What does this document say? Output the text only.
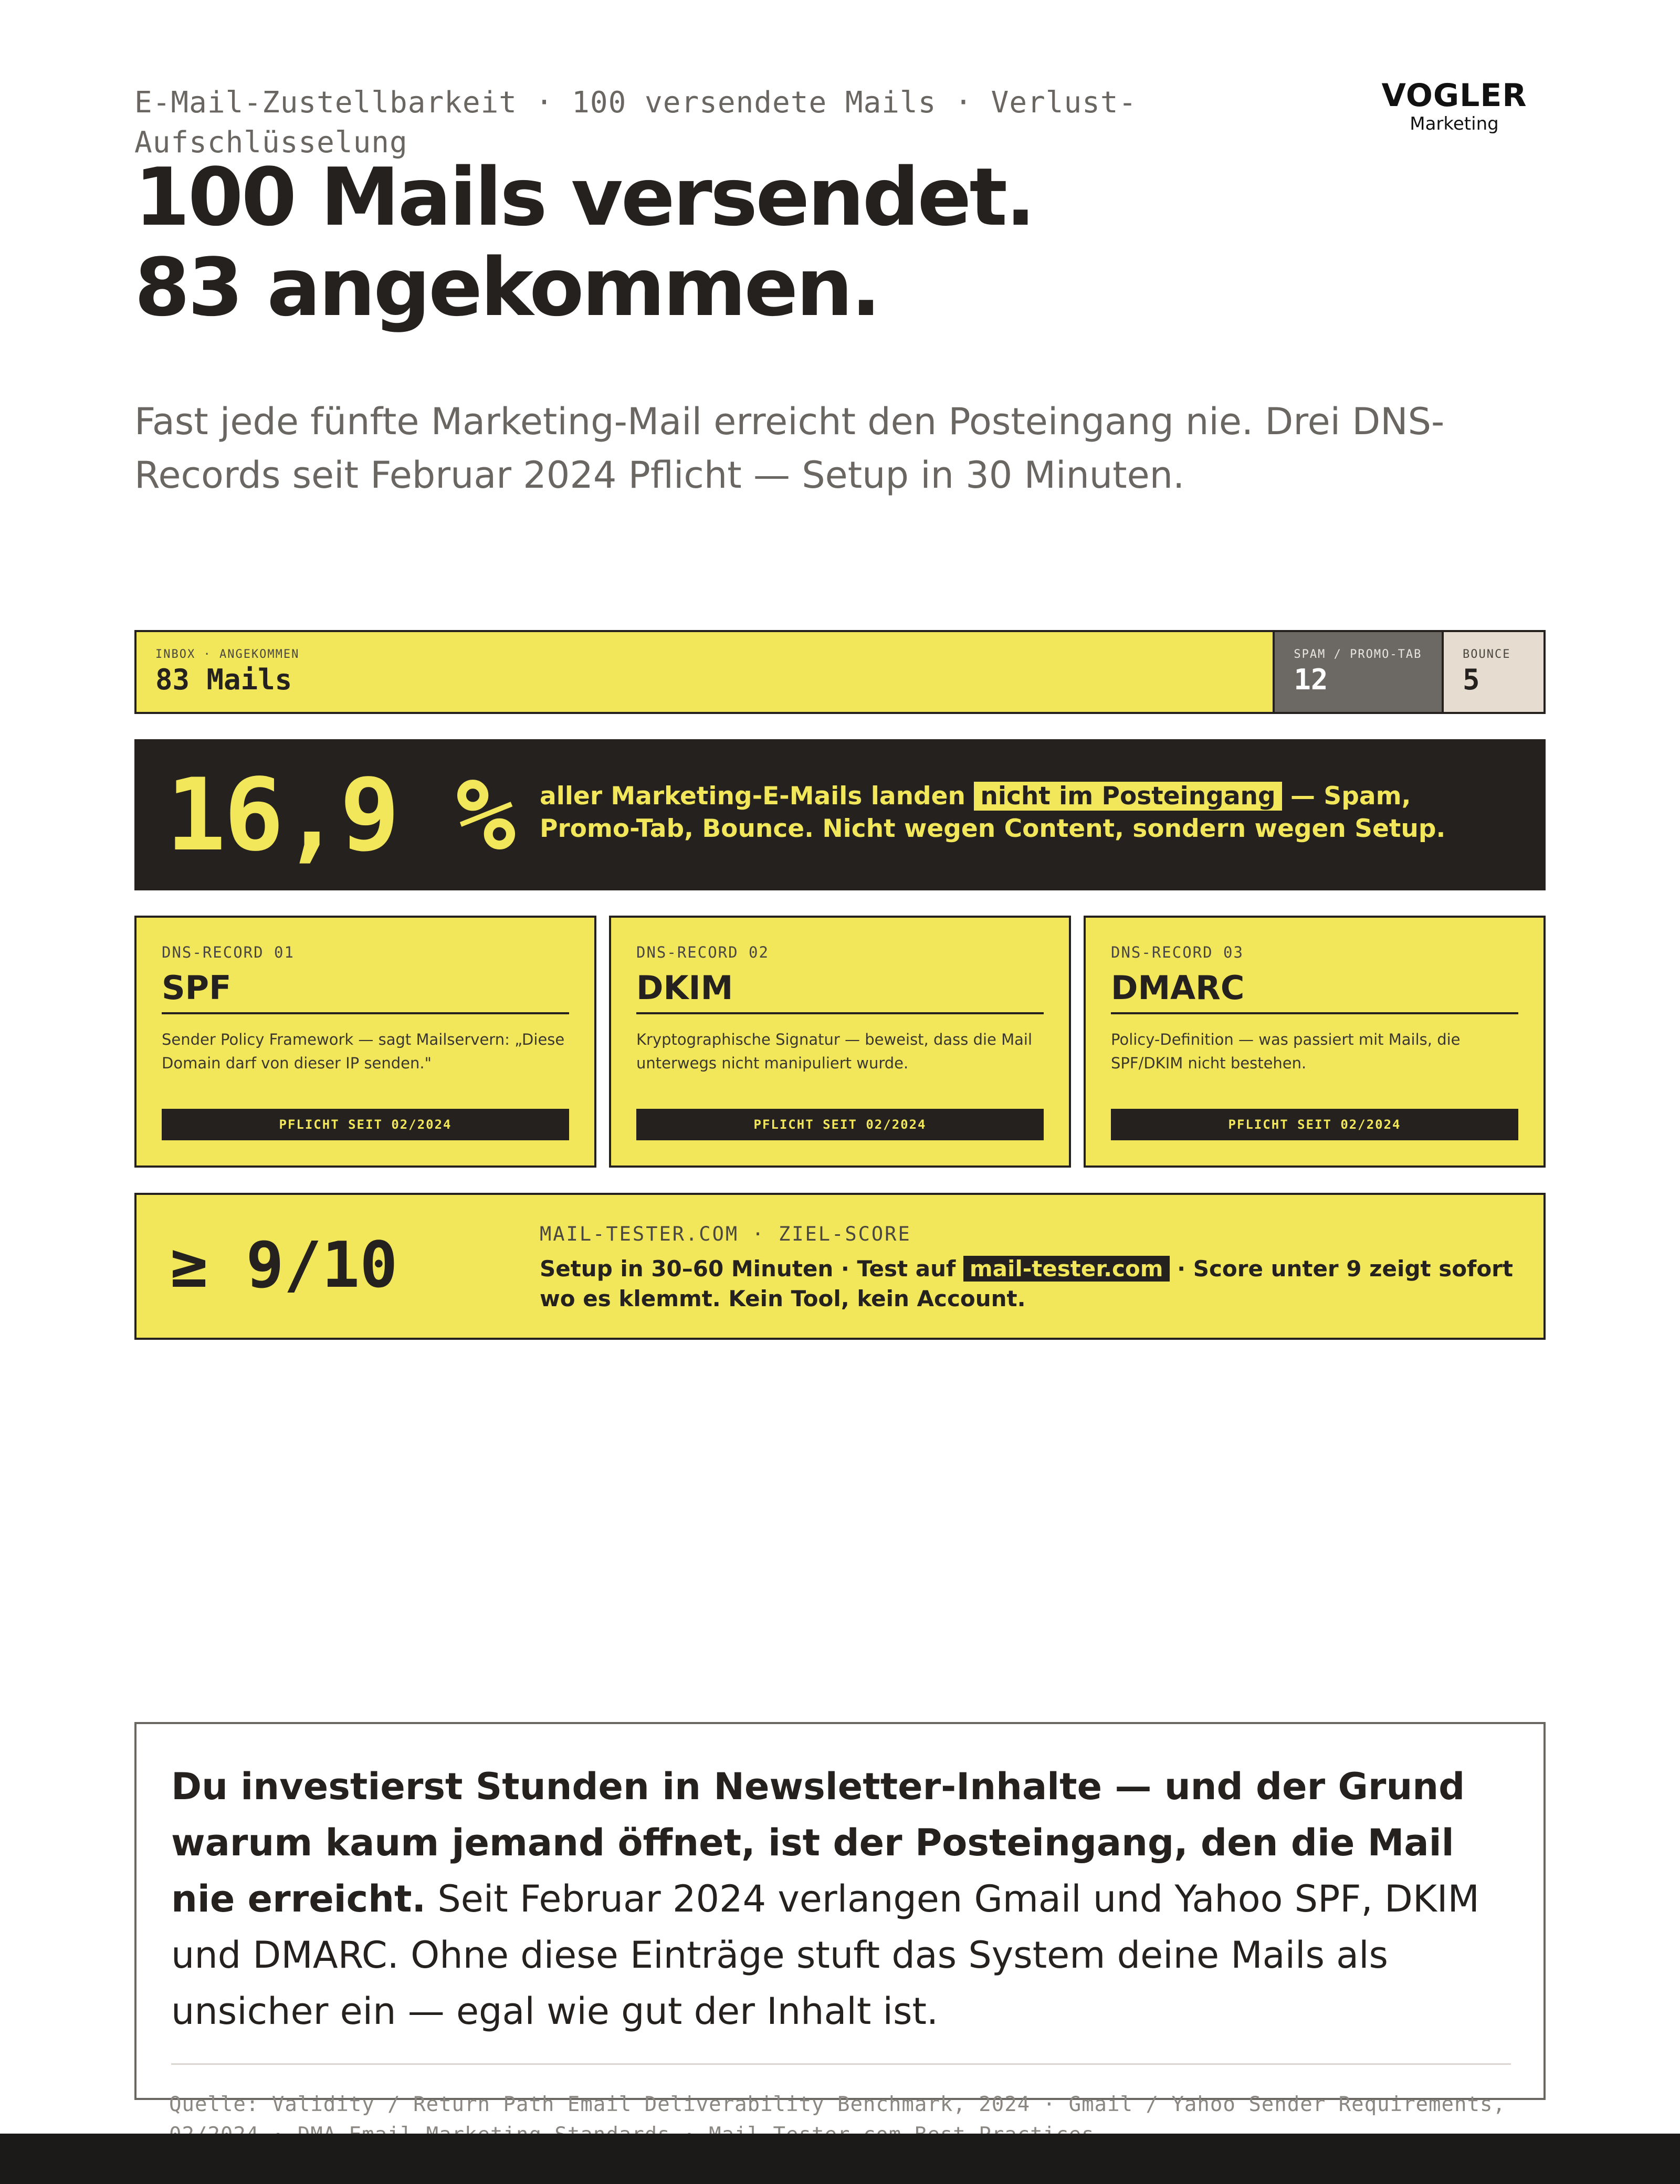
E-Mail-Zustellbarkeit · 100 versendete Mails · Verlust-Aufschlüsselung
VOGLER
Marketing
100 Mails versendet.
83 angekommen.
Fast jede fünfte Marketing-Mail erreicht den Posteingang nie. Drei DNS-Records seit Februar 2024 Pflicht — Setup in 30 Minuten.
INBOX · ANGEKOMMEN
83 Mails
SPAM / PROMO-TAB
12
BOUNCE
5
16,9 % aller Marketing-E-Mails landen nicht im Posteingang — Spam, Promo-Tab, Bounce. Nicht wegen Content, sondern wegen Setup.
DNS-RECORD 01
SPF
Sender Policy Framework — sagt Mailservern: „Diese Domain darf von dieser IP senden."
PFLICHT SEIT 02/2024
DNS-RECORD 02
DKIM
Kryptographische Signatur — beweist, dass die Mail unterwegs nicht manipuliert wurde.
PFLICHT SEIT 02/2024
DNS-RECORD 03
DMARC
Policy-Definition — was passiert mit Mails, die SPF/DKIM nicht bestehen.
PFLICHT SEIT 02/2024
≥ 9/10	MAIL-TESTER.COM · ZIEL-SCORE
Setup in 30–60 Minuten · Test auf mail-tester.com · Score unter 9 zeigt sofort wo es klemmt. Kein Tool, kein Account.
Du investierst Stunden in Newsletter-Inhalte — und der Grund warum kaum jemand öffnet, ist der Posteingang, den die Mail nie erreicht. Seit Februar 2024 verlangen Gmail und Yahoo SPF, DKIM und DMARC. Ohne diese Einträge stuft das System deine Mails als unsicher ein — egal wie gut der Inhalt ist.
Quelle: Validity / Return Path Email Deliverability Benchmark, 2024 · Gmail / Yahoo Sender Requirements,
